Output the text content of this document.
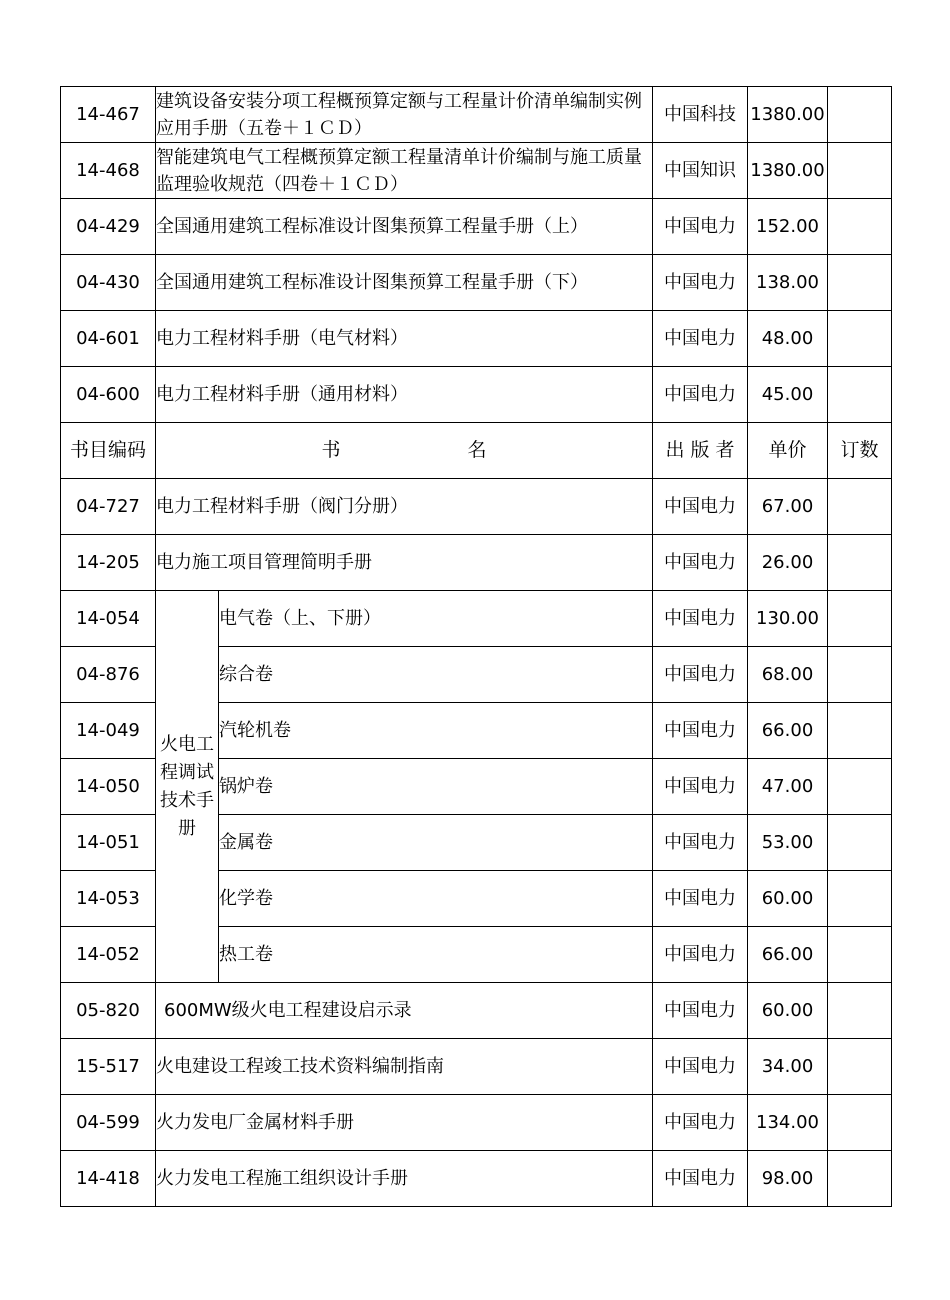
14-467	建筑设备安装分项工程概预算定额与工程量计价清单编制实例应用手册（五卷＋１ＣＤ）		中国科技	1380.00	
14-468	智能建筑电气工程概预算定额工程量清单计价编制与施工质量监理验收规范（四卷＋１ＣＤ）		中国知识	1380.00	
04-429	全国通用建筑工程标准设计图集预算工程量手册（上）		中国电力	152.00	
04-430	全国通用建筑工程标准设计图集预算工程量手册（下）		中国电力	138.00	
04-601	电力工程材料手册（电气材料）		中国电力	48.00	
04-600	电力工程材料手册（通用材料）		中国电力	45.00	
书目编码	书 名		出 版 者	单价	订数
04-727	电力工程材料手册（阀门分册）		中国电力	67.00	
14-205	电力施工项目管理简明手册		中国电力	26.00	
14-054	火电工程调试技术手册	电气卷（上、下册）	中国电力	130.00	
04-876		综合卷	中国电力	68.00	
14-049		汽轮机卷	中国电力	66.00	
14-050		锅炉卷	中国电力	47.00	
14-051		金属卷	中国电力	53.00	
14-053		化学卷	中国电力	60.00	
14-052		热工卷	中国电力	66.00	
05-820	600MW级火电工程建设启示录		中国电力	60.00	
15-517	火电建设工程竣工技术资料编制指南		中国电力	34.00	
04-599	火力发电厂金属材料手册		中国电力	134.00	
14-418	火力发电工程施工组织设计手册		中国电力	98.00	
